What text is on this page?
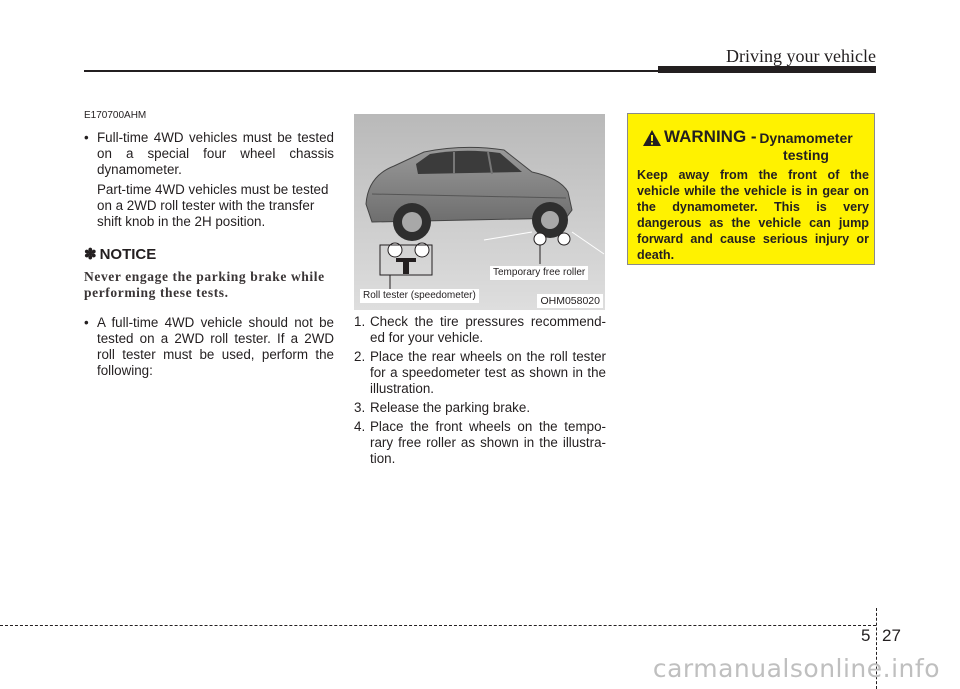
Driving your vehicle
E170700AHM
• Full-time 4WD vehicles must be tested on a special four wheel chassis dynamometer.
Part-time 4WD vehicles must be tested on a 2WD roll tester with the transfer shift knob in the 2H position.
✽ NOTICE
Never engage the parking brake while performing these tests.
• A full-time 4WD vehicle should not be tested on a 2WD roll tester. If a 2WD roll tester must be used, perform the following:
Temporary free roller
Roll tester (speedometer)	OHM058020
1. Check the tire pressures recommend- ed for your vehicle.
2. Place the rear wheels on the roll tester for a speedometer test as shown in the illustration.
3. Release the parking brake.
4. Place the front wheels on the tempo- rary free roller as shown in the illustra- tion.
WARNING - Dynamometer testing
Keep away from the front of the vehicle while the vehicle is in gear on the dynamometer. This is very dangerous as the vehicle can jump forward and cause serious injury or death.
5 27
carmanualsonline.info
